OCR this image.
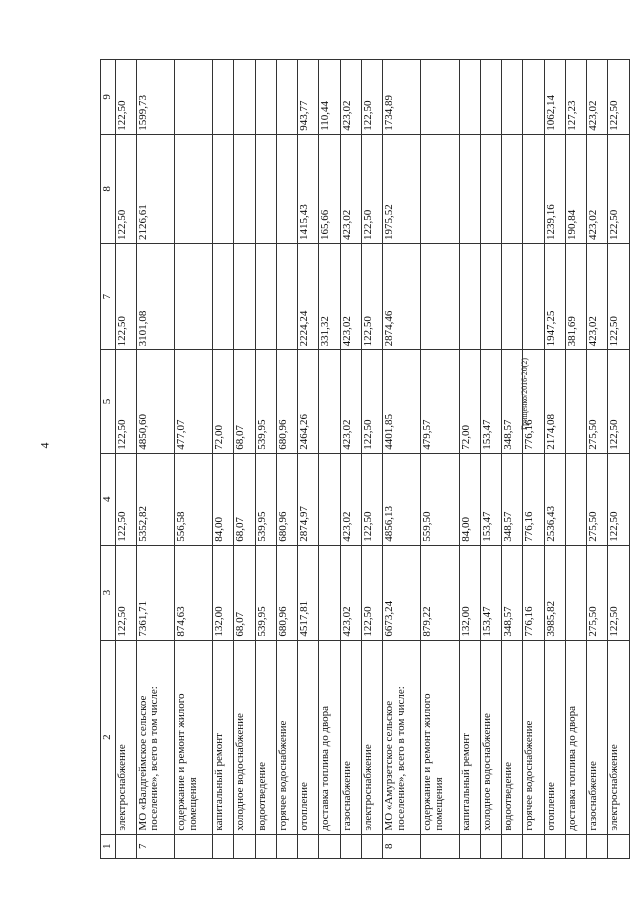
4
Грищенко/2016-20(2)
1	2	3	4	5	7	8	9
	электроснабжение	122,50	122,50	122,50	122,50	122,50	122,50
7	МО «Валдгеймское сельское поселение», всего в том числе:	7361,71	5352,82	4850,60	3101,08	2126,61	1599,73
	содержание и ремонт жилого помещения	874,63	556,58	477,07			
	капитальный ремонт	132,00	84,00	72,00			
	холодное водоснабжение	68,07	68,07	68,07			
	водоотведение	539,95	539,95	539,95			
	горячее водоснабжение	680,96	680,96	680,96			
	отопление	4517,81	2874,97	2464,26	2224,24	1415,43	943,77
	доставка топлива до двора				331,32	165,66	110,44
	газоснабжение	423,02	423,02	423,02	423,02	423,02	423,02
	электроснабжение	122,50	122,50	122,50	122,50	122,50	122,50
8	МО «Амурзетское сельское поселение», всего в том числе:	6673,24	4856,13	4401,85	2874,46	1975,52	1734,89
	содержание и ремонт жилого помещения	879,22	559,50	479,57			
	капитальный ремонт	132,00	84,00	72,00			
	холодное водоснабжение	153,47	153,47	153,47			
	водоотведение	348,57	348,57	348,57			
	горячее водоснабжение	776,16	776,16	776,16			
	отопление	3985,82	2536,43	2174,08	1947,25	1239,16	1062,14
	доставка топлива до двора				381,69	190,84	127,23
	газоснабжение	275,50	275,50	275,50	423,02	423,02	423,02
	электроснабжение	122,50	122,50	122,50	122,50	122,50	122,50
